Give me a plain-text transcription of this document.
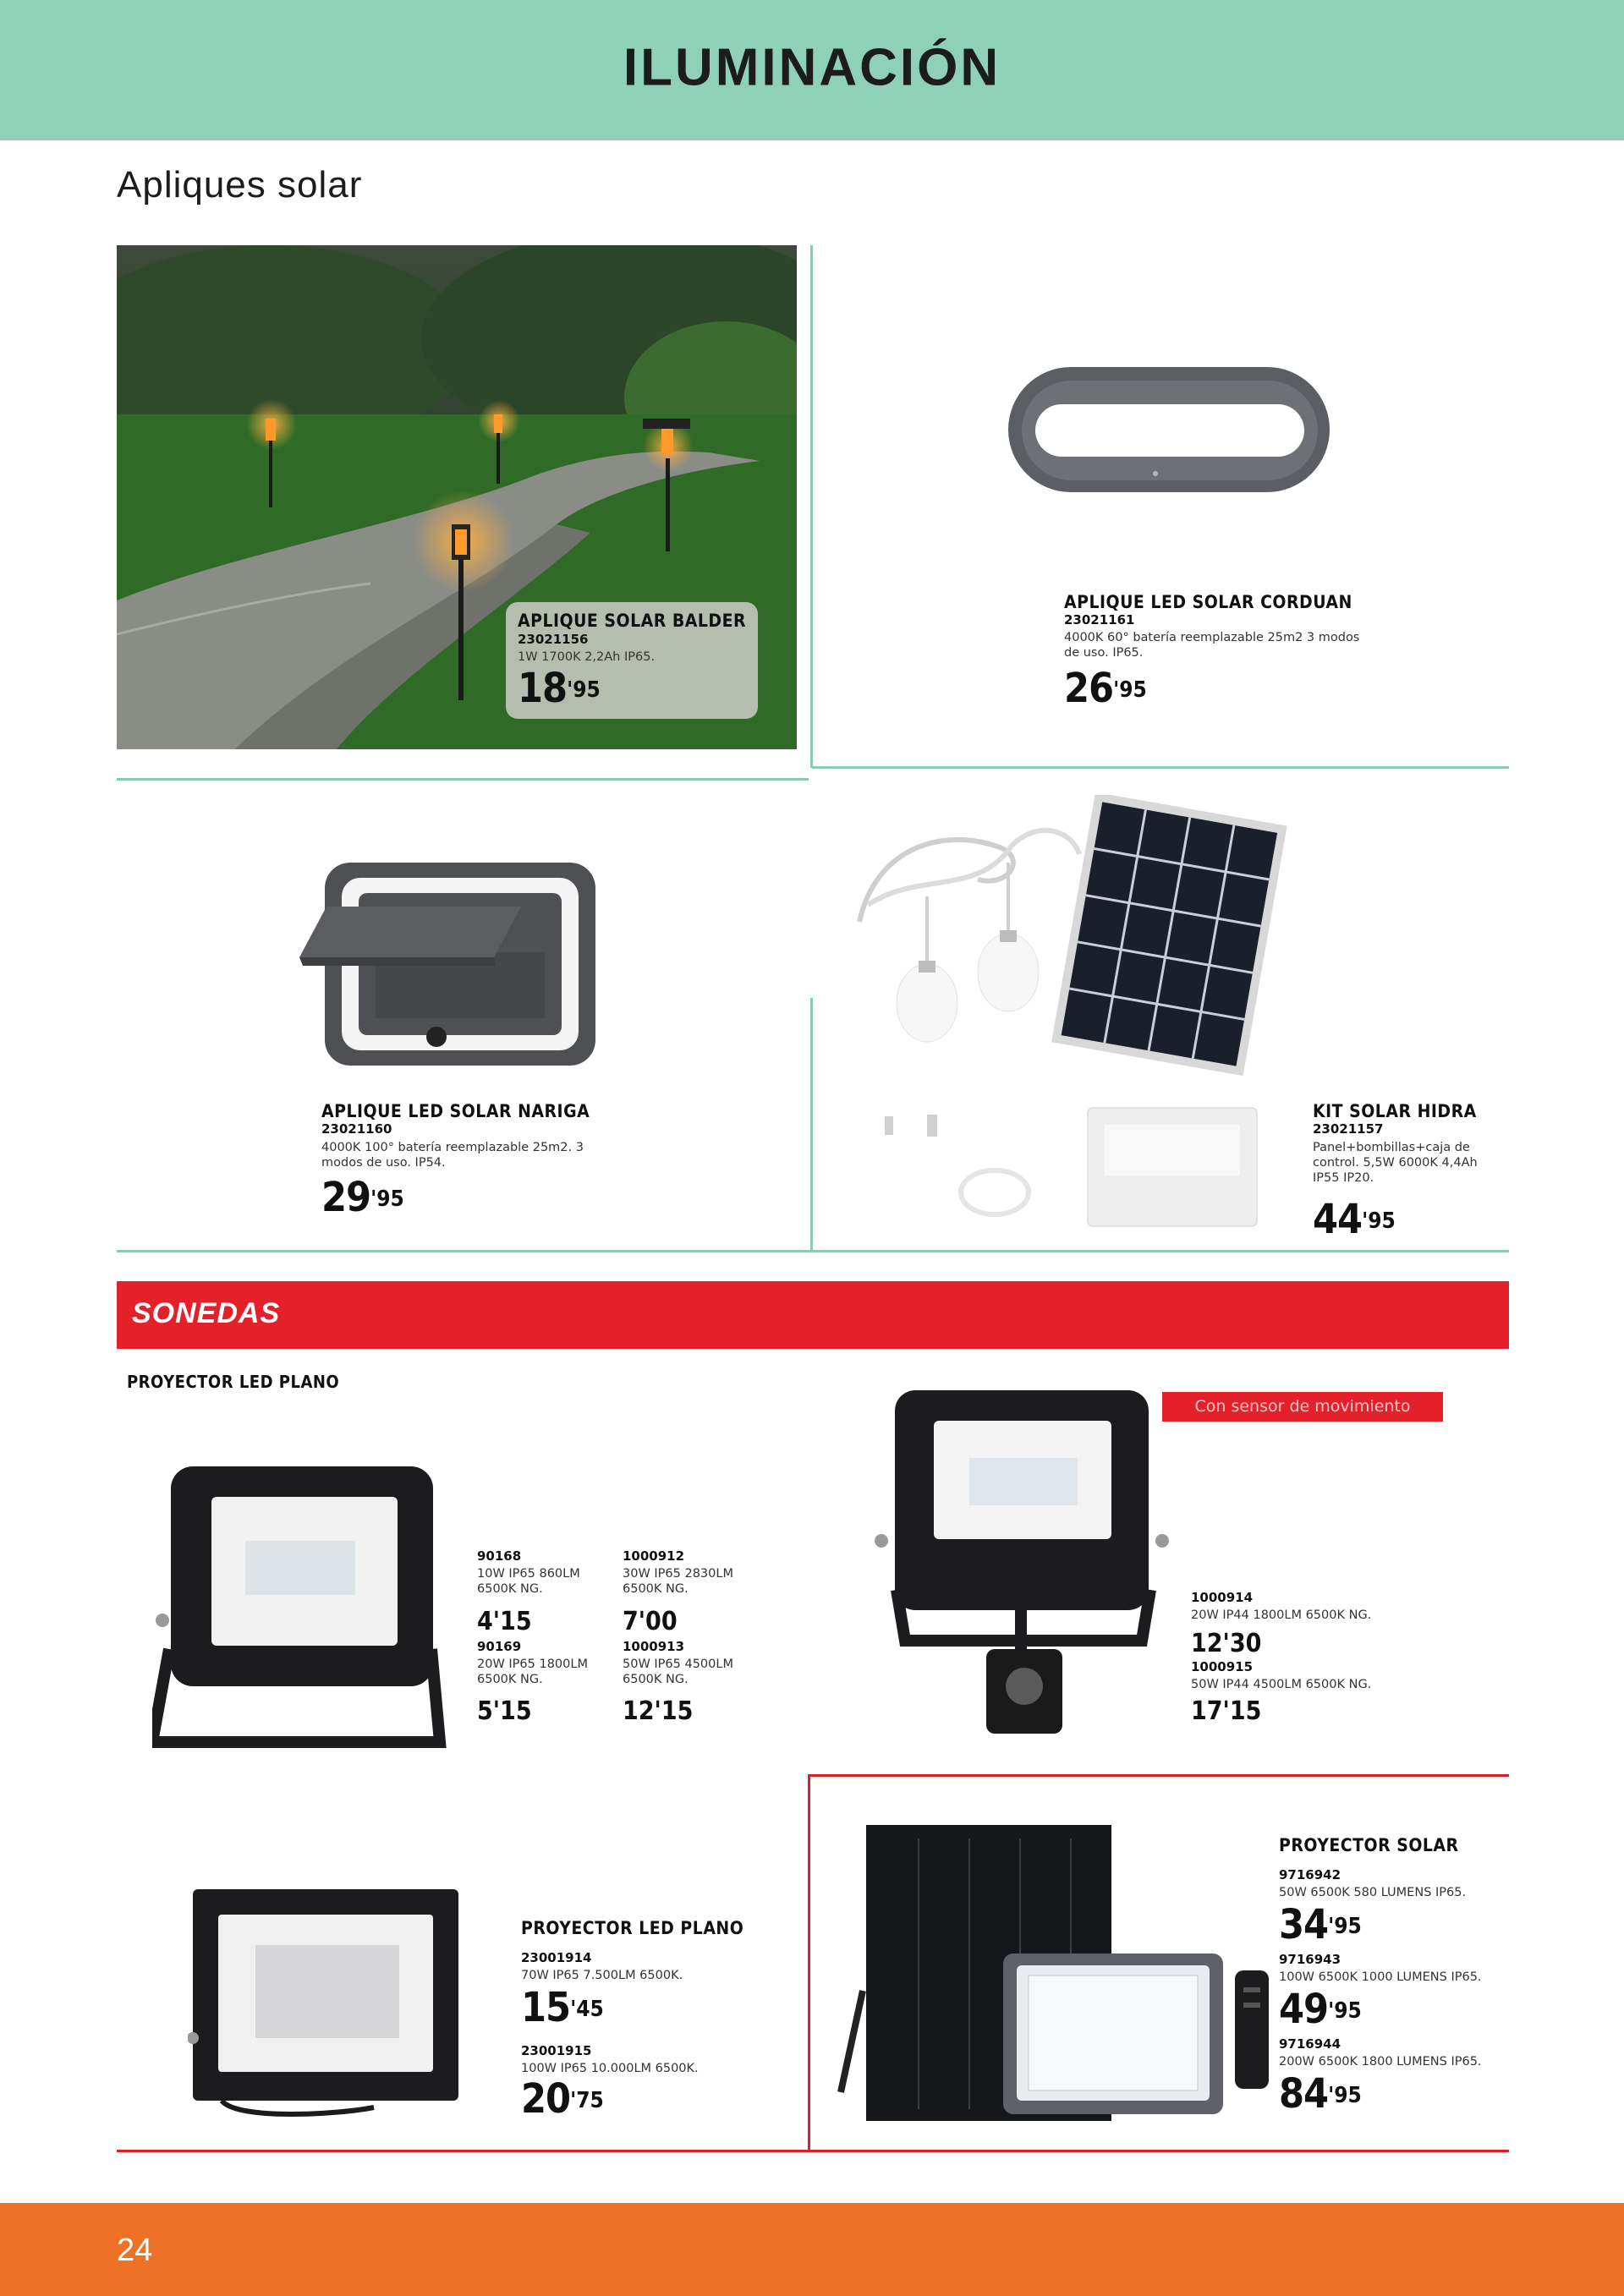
ILUMINACIÓN
Apliques solar
APLIQUE SOLAR BALDER
23021156
1W 1700K 2,2Ah IP65.
$18^{'95}$
APLIQUE LED SOLAR CORDUAN
23021161
4000K 60° batería reemplazable 25m2 3 modos de uso. IP65.
$26^{'95}$
APLIQUE LED SOLAR NARIGA
23021160
4000K 100° batería reemplazable 25m2. 3 modos de uso. IP54.
$29^{'95}$
KIT SOLAR HIDRA
23021157
Panel+bombillas+caja de control. 5,5W 6000K 4,4Ah IP55 IP20.
$44^{'95}$
SONEDAS
PROYECTOR LED PLANO
90168
10W IP65 860LM 6500K NG.
4'15
90169
20W IP65 1800LM 6500K NG.
5'15
1000912
30W IP65 2830LM 6500K NG.
7'00
1000913
50W IP65 4500LM 6500K NG.
12'15
Con sensor de movimiento
1000914
20W IP44 1800LM 6500K NG.
12'30
1000915
50W IP44 4500LM 6500K NG.
17'15
PROYECTOR LED PLANO
23001914
70W IP65 7.500LM 6500K.
$15^{'45}$
23001915
100W IP65 10.000LM 6500K.
$20^{'75}$
PROYECTOR SOLAR
9716942
50W 6500K 580 LUMENS IP65.
$34^{'95}$
9716943
100W 6500K 1000 LUMENS IP65.
$49^{'95}$
9716944
200W 6500K 1800 LUMENS IP65.
$84^{'95}$
24
